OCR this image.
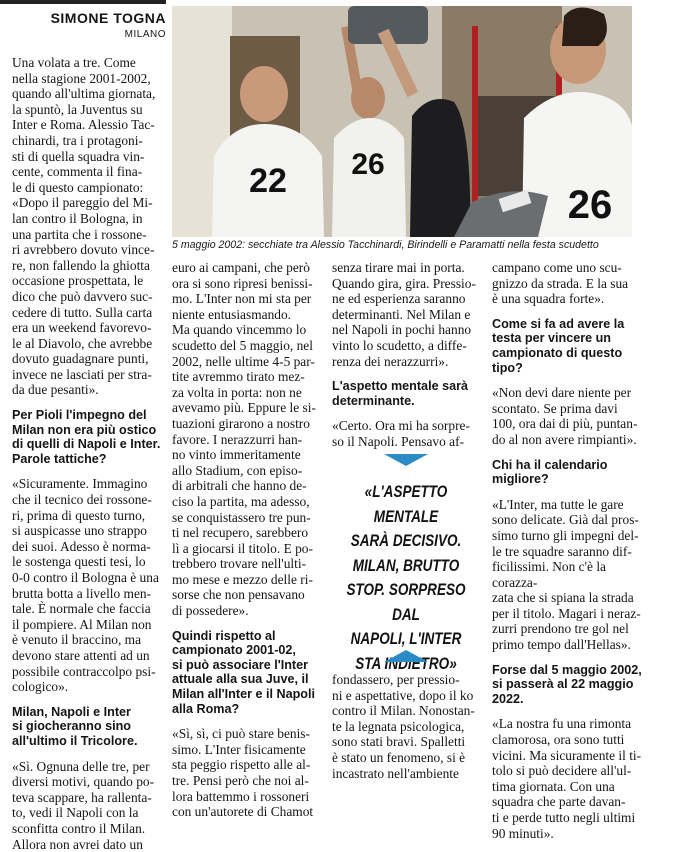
SIMONE TOGNA
MILANO
22 26
26
5 maggio 2002: secchiate tra Alessio Tacchinardi, Birindelli e Paramatti nella festa scudetto
Una volata a tre. Come
nella stagione 2001-2002,
quando all'ultima giornata,
la spuntò, la Juventus su
Inter e Roma. Alessio Tac-
chinardi, tra i protagoni-
sti di quella squadra vin-
cente, commenta il fina-
le di questo campionato:
«Dopo il pareggio del Mi-
lan contro il Bologna, in
una partita che i rossone-
ri avrebbero dovuto vince-
re, non fallendo la ghiotta
occasione prospettata, le
dico che può davvero suc-
cedere di tutto. Sulla carta
era un weekend favorevo-
le al Diavolo, che avrebbe
dovuto guadagnare punti,
invece ne lasciati per stra-
da due pesanti».
Per Pioli l'impegno del
Milan non era più ostico
di quelli di Napoli e Inter.
Parole tattiche?
«Sicuramente. Immagino
che il tecnico dei rossone-
ri, prima di questo turno,
si auspicasse uno strappo
dei suoi. Adesso è norma-
le sostenga questi tesi, lo
0-0 contro il Bologna è una
brutta botta a livello men-
tale. È normale che faccia
il pompiere. Al Milan non
è venuto il braccino, ma
devono stare attenti ad un
possibile contraccolpo psi-
cologico».
Milan, Napoli e Inter
si giocheranno sino
all'ultimo il Tricolore.
«Sì. Ognuna delle tre, per
diversi motivi, quando po-
teva scappare, ha rallenta-
to, vedi il Napoli con la
sconfitta contro il Milan.
Allora non avrei dato un
euro ai campani, che però
ora si sono ripresi benissi-
mo. L'Inter non mi sta per
niente entusiasmando.
Ma quando vincemmo lo
scudetto del 5 maggio, nel
2002, nelle ultime 4-5 par-
tite avremmo tirato mez-
za volta in porta: non ne
avevamo più. Eppure le si-
tuazioni girarono a nostro
favore. I nerazzurri han-
no vinto immeritamente
allo Stadium, con episo-
di arbitrali che hanno de-
ciso la partita, ma adesso,
se conquistassero tre pun-
ti nel recupero, sarebbero
lì a giocarsi il titolo. E po-
trebbero trovare nell'ulti-
mo mese e mezzo delle ri-
sorse che non pensavano
di possedere».
Quindi rispetto al
campionato 2001-02,
si può associare l'Inter
attuale alla sua Juve, il
Milan all'Inter e il Napoli
alla Roma?
«Sì, sì, ci può stare benis-
simo. L'Inter fisicamente
sta peggio rispetto alle al-
tre. Pensi però che noi al-
lora battemmo i rossoneri
con un'autorete di Chamot
senza tirare mai in porta.
Quando gira, gira. Pressio-
ne ed esperienza saranno
determinanti. Nel Milan e
nel Napoli in pochi hanno
vinto lo scudetto, a diffe-
renza dei nerazzurri».
L'aspetto mentale sarà
determinante.
«Certo. Ora mi ha sorpre-
so il Napoli. Pensavo af-
fondassero, per pressio-
ni e aspettative, dopo il ko
contro il Milan. Nonostan-
te la legnata psicologica,
sono stati bravi. Spalletti
è stato un fenomeno, si è
incastrato nell'ambiente
campano come uno scu-
gnizzo da strada. E la sua
è una squadra forte».
Come si fa ad avere la
testa per vincere un
campionato di questo
tipo?
«Non devi dare niente per
scontato. Se prima davi
100, ora dai di più, puntan-
do al non avere rimpianti».
Chi ha il calendario
migliore?
«L'Inter, ma tutte le gare
sono delicate. Già dal pros-
simo turno gli impegni del-
le tre squadre saranno dif-
ficilissimi. Non c'è la corazza-
zata che si spiana la strada
per il titolo. Magari i neraz-
zurri prendono tre gol nel
primo tempo dall'Hellas».
Forse dal 5 maggio 2002,
si passerà al 22 maggio
2022.
«La nostra fu una rimonta
clamorosa, ora sono tutti
vicini. Ma sicuramente il ti-
tolo si può decidere all'ul-
tima giornata. Con una
squadra che parte davan-
ti e perde tutto negli ultimi
90 minuti».
«L'ASPETTO MENTALE
SARÀ DECISIVO.
MILAN, BRUTTO
STOP. SORPRESO DAL
NAPOLI, L'INTER
STA INDIETRO»
